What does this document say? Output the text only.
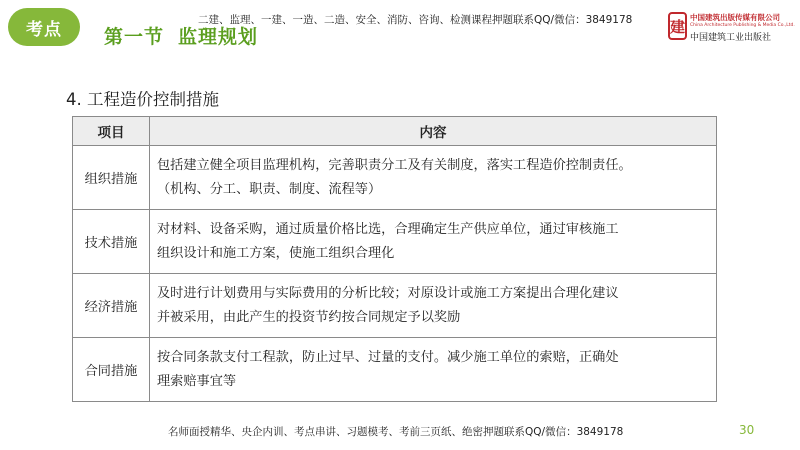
考点	第一节 监理规划
二建、监理、一建、一造、二造、安全、消防、咨询、检测课程押题联系QQ/微信：3849178	建 中国建筑出版传媒有限公司
China Architecture Publishing & Media Co.,Ltd.
中国建筑工业出版社
4. 工程造价控制措施
项目	内容
组织措施	包括建立健全项目监理机构，完善职责分工及有关制度，落实工程造价控制责任。
（机构、分工、职责、制度、流程等）

技术措施	对材料、设备采购，通过质量价格比选，合理确定生产供应单位，通过审核施工
组织设计和施工方案，使施工组织合理化

经济措施	及时进行计划费用与实际费用的分析比较；对原设计或施工方案提出合理化建议
并被采用，由此产生的投资节约按合同规定予以奖励

合同措施	按合同条款支付工程款，防止过早、过量的支付。减少施工单位的索赔，正确处
理索赔事宜等
名师面授精华、央企内训、考点串讲、习题模考、考前三页纸、绝密押题联系QQ/微信：3849178	30
